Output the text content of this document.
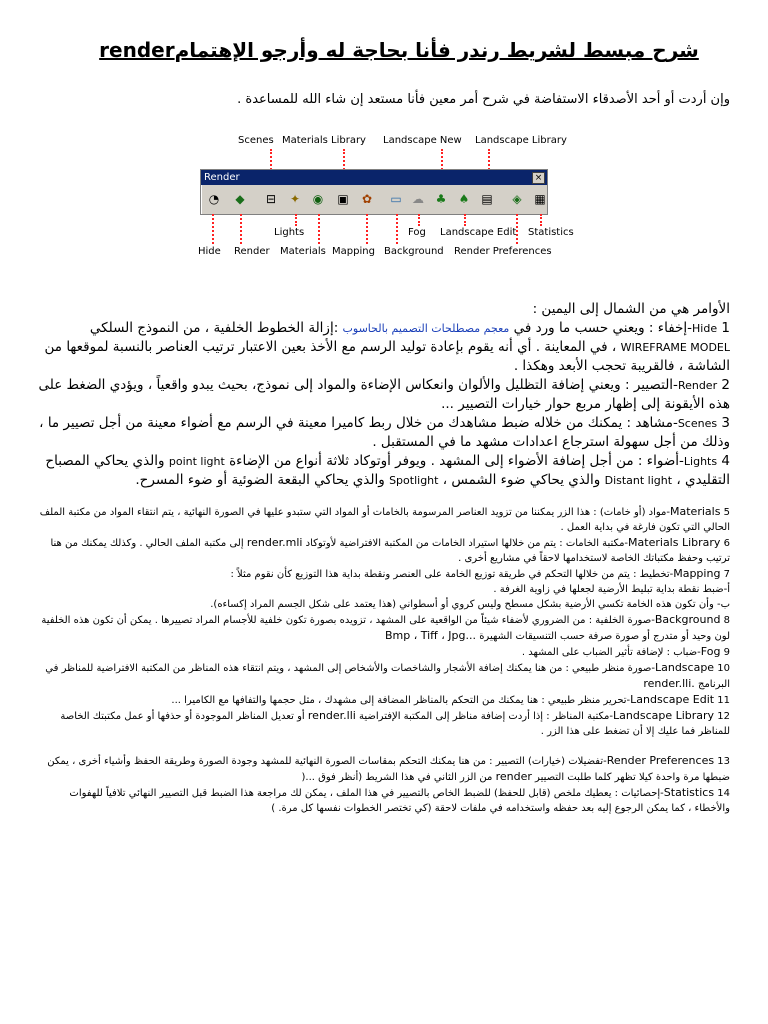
شرح مبسط لشريط رندر فأنا بحاجة له وأرجو الإهتمامrender
وإن أردت أو أحد الأصدقاء الاستفاضة في شرح أمر معين فأنا مستعد إن شاء الله للمساعدة .
Scenes Materials Library Landscape New Landscape Library
Render	×
◔	◆	⊟	✦	◉	▣	✿	▭ ☁ ♣	♠ ▤	◈	▦
Lights	Fog Landscape Edit Statistics
Hide Render Materials Mapping Background Render Preferences
الأوامر هي من الشمال إلى اليمين :
Hide 1-إخفاء : ويعني حسب ما ورد في معجم مصطلحات التصميم بالحاسوب :إزالة الخطوط الخلفية ، من النموذج السلكي WIREFRAME MODEL ، في المعاينة . أي أنه يقوم بإعادة توليد الرسم مع الأخذ بعين الاعتبار ترتيب العناصر بالنسبة لموقعها من الشاشة ، فالقريبة تحجب الأبعد وهكذا .
Render 2-التصيير : ويعني إضافة التظليل والألوان وانعكاس الإضاءة والمواد إلى نموذج، بحيث يبدو واقعياً ، ويؤدي الضغط على هذه الأيقونة إلى إظهار مربع حوار خيارات التصيير ...
Scenes 3-مشاهد : يمكنك من خلاله ضبط مشاهدك من خلال ربط كاميرا معينة في الرسم مع أضواء معينة من أجل تصيير ما ، وذلك من أجل سهولة استرجاع اعدادات مشهد ما في المستقبل .
Lights 4-أضواء : من أجل إضافة الأضواء إلى المشهد . ويوفر أوتوكاد ثلاثة أنواع من الإضاءة point light والذي يحاكي المصباح التقليدي ، Distant light والذي يحاكي ضوء الشمس ، Spotlight والذي يحاكي البقعة الضوئية أو ضوء المسرح.
Materials 5-مواد (أو خامات) : هذا الزر يمكننا من تزويد العناصر المرسومة بالخامات أو المواد التي ستبدو عليها في الصورة النهائية ، يتم انتقاء المواد من مكتبة الملف الحالي التي تكون فارغة في بداية العمل .
Materials Library 6-مكتبة الخامات : يتم من خلالها استيراد الخامات من المكتبة الافتراضية لأوتوكاد render.mli إلى مكتبة الملف الحالي . وكذلك يمكنك من هنا ترتيب وحفظ مكتباتك الخاصة لاستخدامها لاحقاً في مشاريع أخرى .
Mapping 7-تخطيط : يتم من خلالها التحكم في طريقة توزيع الخامة على العنصر ونقطة بداية هذا التوزيع كأن نقوم مثلاً :
أ-ضبط نقطة بداية تبليط الأرضية لجعلها في زاوية الغرفة .
ب- وأن تكون هذه الخامة تكسي الأرضية بشكل مسطح وليس كروي أو أسطواني (هذا يعتمد على شكل الجسم المراد إكساءه).
Background 8-صورة الخلفية : من الضروري لأضفاء شيئاً من الواقعية على المشهد ، تزويده بصورة تكون خلفية للأجسام المراد تصييرها . يمكن أن تكون هذه الخلفية لون وحيد أو متدرج أو صورة صرفة حسب التنسيقات الشهيرة Bmp ، Tiff ، Jpg...
Fog 9-ضباب : لإضافة تأثير الضباب على المشهد .
Landscape 10-صورة منظر طبيعي : من هنا يمكنك إضافة الأشجار والشاخصات والأشخاص إلى المشهد ، ويتم انتقاء هذه المناظر من المكتبة الافتراضية للمناظر في البرنامج render.lli.
Landscape Edit 11-تحرير منظر طبيعي : هنا يمكنك من التحكم بالمناظر المضافة إلى مشهدك ، مثل حجمها والتفافها مع الكاميرا ...
Landscape Library 12-مكتبة المناظر : إذا أردت إضافة مناظر إلى المكتبة الإفتراضية render.lli أو تعديل المناظر الموجودة أو حذفها أو عمل مكتبتك الخاصة للمناظر فما عليك إلا أن تضغط على هذا الزر .
Render Preferences 13-تفضيلات (خيارات) التصيير : من هنا يمكنك التحكم بمقاسات الصورة النهائية للمشهد وجودة الصورة وطريقة الحفظ وأشياء أخرى ، يمكن ضبطها مرة واحدة كيلا تظهر كلما طلبت التصيير render من الزر الثاني في هذا الشريط (أنظر فوق ...(
Statistics 14-إحصائيات : يعطيك ملخص (قابل للحفظ) للضبط الخاص بالتصيير في هذا الملف ، يمكن لك مراجعة هذا الضبط قبل التصيير النهائي تلافياً للهفوات والأخطاء ، كما يمكن الرجوع إليه بعد حفظه واستخدامه في ملفات لاحقة (كي تختصر الخطوات نفسها كل مرة. )
